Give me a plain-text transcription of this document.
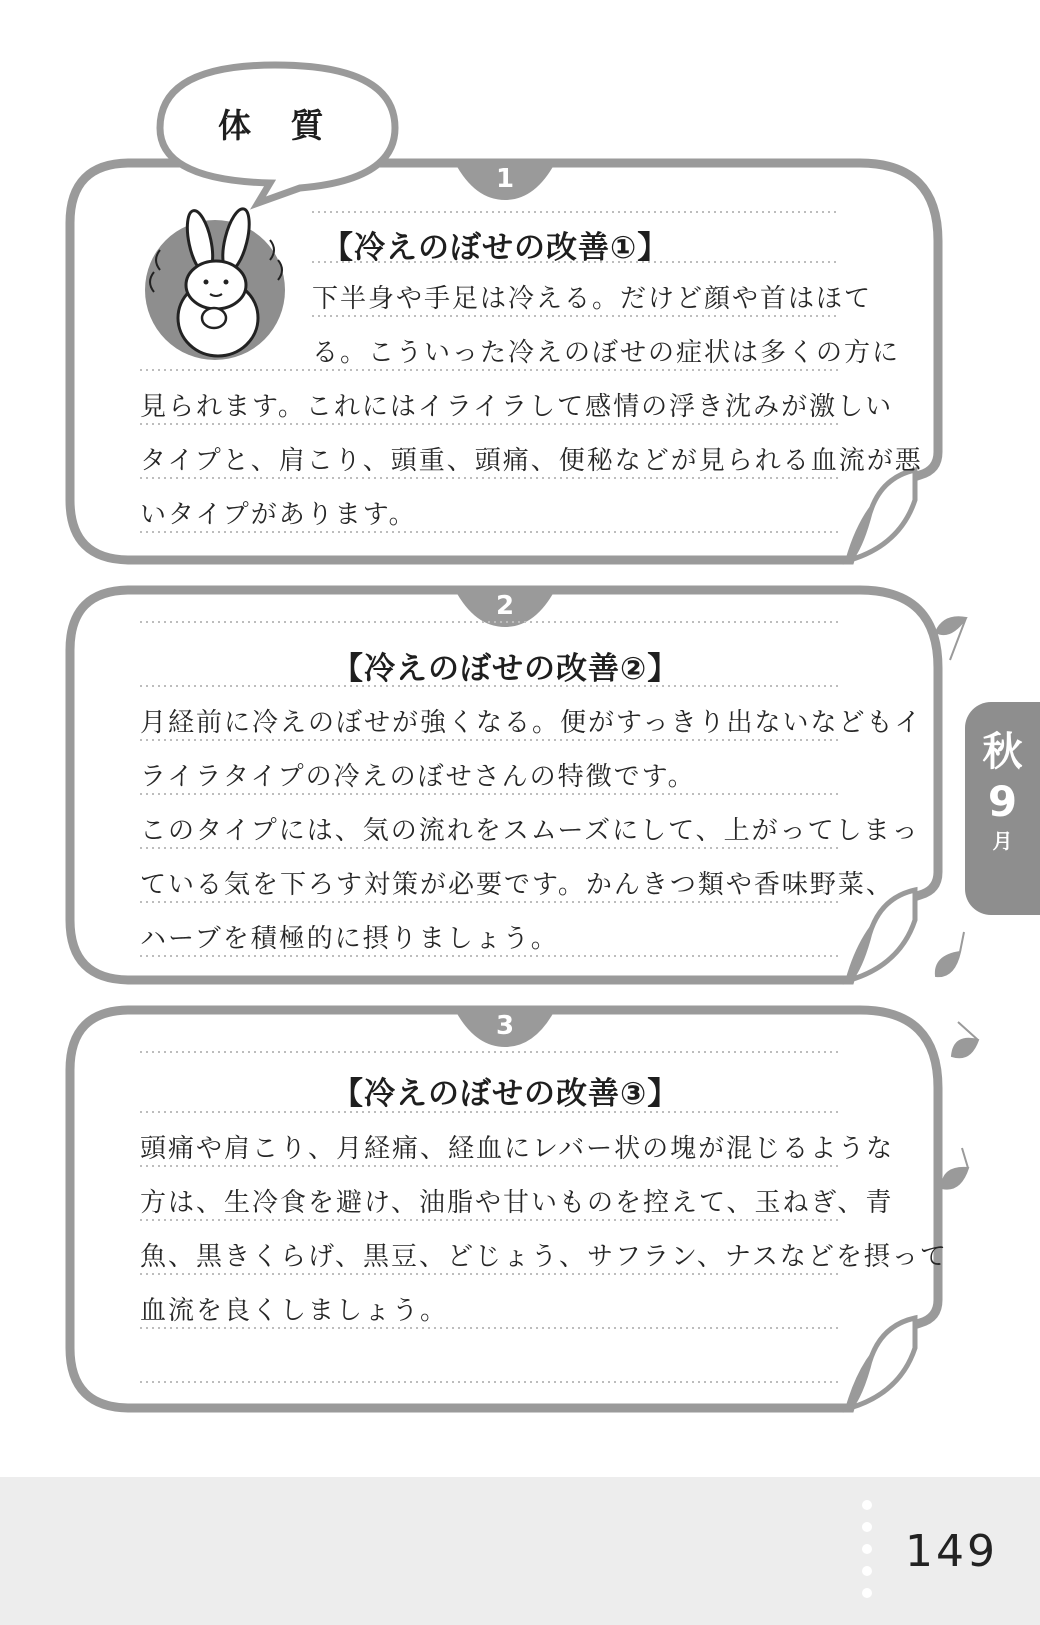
体 質
1
【冷えのぼせの改善①】
下半身や手足は冷える。だけど顔や首はほて
る。こういった冷えのぼせの症状は多くの方に
見られます。これにはイライラして感情の浮き沈みが激しい
タイプと、肩こり、頭重、頭痛、便秘などが見られる血流が悪
いタイプがあります。
2
【冷えのぼせの改善②】
月経前に冷えのぼせが強くなる。便がすっきり出ないなどもイ
ライラタイプの冷えのぼせさんの特徴です。
このタイプには、気の流れをスムーズにして、上がってしまっ
ている気を下ろす対策が必要です。かんきつ類や香味野菜、
ハーブを積極的に摂りましょう。
3
【冷えのぼせの改善③】
頭痛や肩こり、月経痛、経血にレバー状の塊が混じるような
方は、生冷食を避け、油脂や甘いものを控えて、玉ねぎ、青
魚、黒きくらげ、黒豆、どじょう、サフラン、ナスなどを摂って
血流を良くしましょう。
秋
9
月
149
